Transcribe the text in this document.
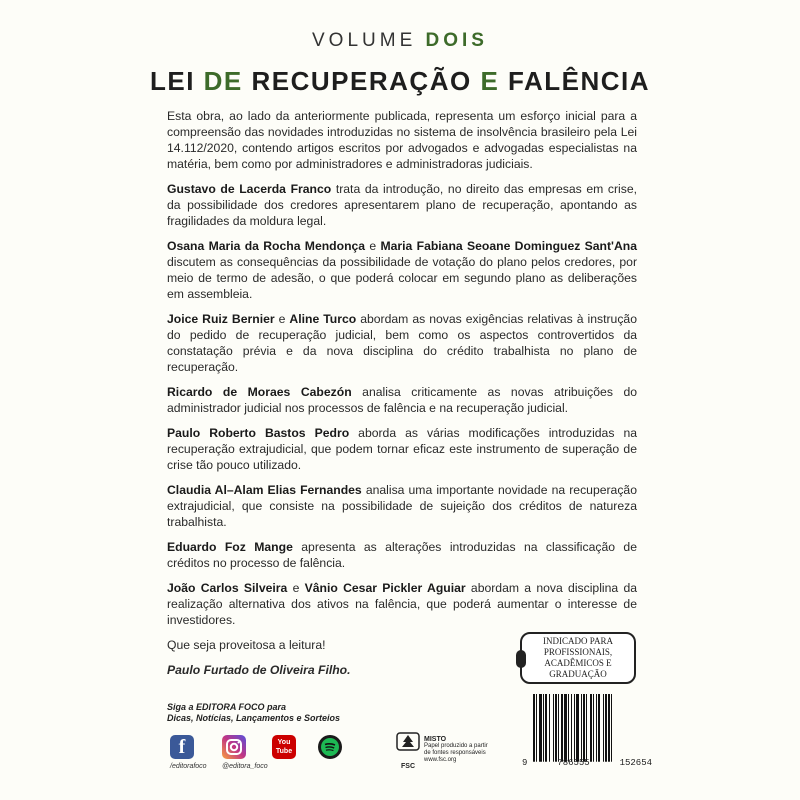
VOLUME DOIS
LEI DE RECUPERAÇÃO E FALÊNCIA

Esta obra, ao lado da anteriormente publicada, representa um esforço inicial para a compreensão das novidades introduzidas no sistema de insolvência brasileiro pela Lei 14.112/2020, contendo artigos escritos por advogados e advogadas especialistas na matéria, bem como por administradores e administradoras judiciais.

Gustavo de Lacerda Franco trata da introdução, no direito das empresas em crise, da possibilidade dos credores apresentarem plano de recuperação, apontando as fragilidades da moldura legal.

Osana Maria da Rocha Mendonça e Maria Fabiana Seoane Dominguez Sant'Ana discutem as consequências da possibilidade de votação do plano pelos credores, por meio de termo de adesão, o que poderá colocar em segundo plano as deliberações em assembleia.

Joice Ruiz Bernier e Aline Turco abordam as novas exigências relativas à instrução do pedido de recuperação judicial, bem como os aspectos controvertidos da constatação prévia e da nova disciplina do crédito trabalhista no plano de recuperação.

Ricardo de Moraes Cabezón analisa criticamente as novas atribuições do administrador judicial nos processos de falência e na recuperação judicial.

Paulo Roberto Bastos Pedro aborda as várias modificações introduzidas na recuperação extrajudicial, que podem tornar eficaz este instrumento de superação de crise tão pouco utilizado.

Claudia Al–Alam Elias Fernandes analisa uma importante novidade na recuperação extrajudicial, que consiste na possibilidade de sujeição dos créditos de natureza trabalhista.

Eduardo Foz Mange apresenta as alterações introduzidas na classificação de créditos no processo de falência.

João Carlos Silveira e Vânio Cesar Pickler Aguiar abordam a nova disciplina da realização alternativa dos ativos na falência, que poderá aumentar o interesse de investidores.

Que seja proveitosa a leitura!

Paulo Furtado de Oliveira Filho.

INDICADO PARA
PROFISSIONAIS,
ACADÊMICOS E
GRADUAÇÃO
Siga a EDITORA FOCO para
Dicas, Notícias, Lançamentos e Sorteios
f
/editorafoco @editora_foco
You Tube
FSC
MISTO
Papel produzido a partir de fontes responsáveis
www.fsc.org	9	786555	152654
